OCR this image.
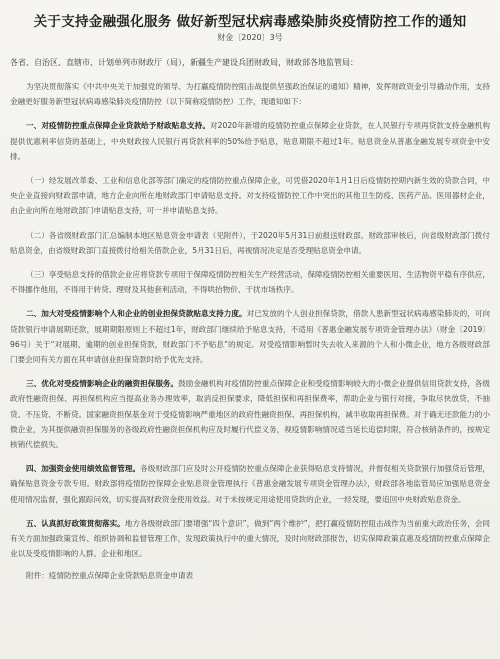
关于支持金融强化服务 做好新型冠状病毒感染肺炎疫情防控工作的通知
财金〔2020〕3号
各省、自治区、直辖市、计划单列市财政厅（局），新疆生产建设兵团财政局，财政部各地监管局：

为坚决贯彻落实《中共中央关于加强党的领导、为打赢疫情防控阻击战提供坚强政治保证的通知》精神，发挥财政资金引导撬动作用，支持金融更好服务新型冠状病毒感染肺炎疫情防控（以下简称疫情防控）工作，现通知如下：

一、对疫情防控重点保障企业贷款给予财政贴息支持。对2020年新增的疫情防控重点保障企业贷款，在人民银行专项再贷款支持金融机构提供优惠利率信贷的基础上，中央财政按人民银行再贷款利率的50%给予贴息，贴息期限不超过1年。贴息资金从普惠金融发展专项资金中安排。

（一）经发展改革委、工业和信息化部等部门确定的疫情防控重点保障企业，可凭借2020年1月1日后疫情防控期内新生效的贷款合同，中央企业直接向财政部申请，地方企业向所在地财政部门申请贴息支持。对支持疫情防控工作中突出的其他卫生防疫、医药产品、医用器材企业，由企业向所在地财政部门申请贴息支持，可一并申请贴息支持。

（二）各省级财政部门汇总编制本地区贴息资金申请表（见附件），于2020年5月31日前报送财政部。财政部审核后，向省级财政部门拨付贴息资金，由省级财政部门直接拨付给相关借款企业，5月31日后，再视情况决定是否受理贴息资金申请。

（三）享受贴息支持的借款企业应将贷款专项用于保障疫情防控相关生产经营活动，保障疫情防控相关重要医用、生活物资平稳有序供应，不得挪作他用，不得用于转贷、理财及其他套利活动，不得哄抬物价、干扰市场秩序。

二、加大对受疫情影响个人和企业的创业担保贷款贴息支持力度。对已发放的个人创业担保贷款，借款人患新型冠状病毒感染肺炎的，可向贷款银行申请展期还款，展期期限原则上不超过1年，财政部门继续给予贴息支持，不适用《普惠金融发展专项资金管理办法》（财金〔2019〕96号）关于“对展期、逾期的创业担保贷款，财政部门不予贴息”的规定。对受疫情影响暂时失去收入来源的个人和小微企业，地方各级财政部门要会同有关方面在其申请创业担保贷款时给予优先支持。

三、优化对受疫情影响企业的融资担保服务。鼓励金融机构对疫情防控重点保障企业和受疫情影响较大的小微企业提供信用贷款支持，各级政府性融资担保、再担保机构应当提高业务办理效率，取消反担保要求，降低担保和再担保费率，帮助企业与银行对接，争取尽快放贷，不抽贷、不压贷、不断贷。国家融资担保基金对于受疫情影响严重地区的政府性融资担保、再担保机构，减半收取再担保费。对于确无还款能力的小微企业，为其提供融资担保服务的各级政府性融资担保机构应及时履行代偿义务，视疫情影响情况适当延长追偿时限，符合核销条件的，按规定核销代偿损失。

四、加强资金使用绩效监督管理。各级财政部门应及时公开疫情防控重点保障企业获得贴息支持情况，并督促相关贷款银行加强贷后管理，确保贴息资金专款专用。财政部将疫情防控保障企业贴息资金管理执行《普惠金融发展专项资金管理办法》，财政部各地监管局应加强贴息资金使用情况监督，强化跟踪问效，切实提高财政资金使用效益。对于未按规定用途使用贷款的企业，一经发现，要追回中央财政贴息资金。

五、认真抓好政策贯彻落实。地方各级财政部门要增强“四个意识”，做到“两个维护”，把打赢疫情防控阻击战作为当前重大政治任务，会同有关方面加强政策宣传、组织协调和监督管理工作，发现政策执行中的重大情况，及时向财政部报告，切实保障政策直惠及疫情防控重点保障企业以及受疫情影响的人群、企业和地区。

附件：疫情防控重点保障企业贷款贴息资金申请表
